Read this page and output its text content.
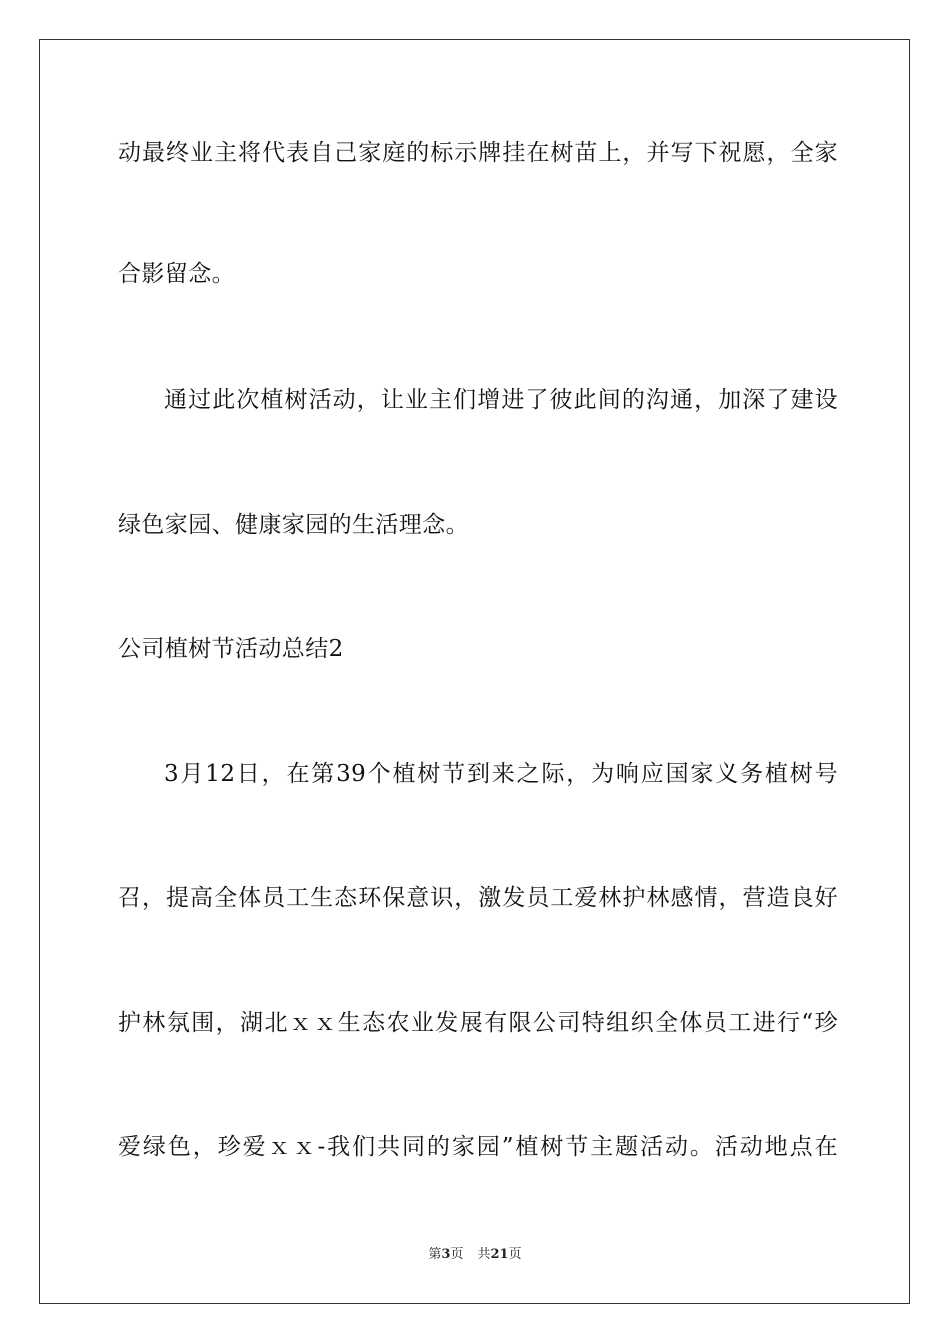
动最终业主将代表自己家庭的标示牌挂在树苗上，并写下祝愿，全家
合影留念。
通过此次植树活动，让业主们增进了彼此间的沟通，加深了建设
绿色家园、健康家园的生活理念。
公司植树节活动总结2
3月12日，在第39个植树节到来之际，为响应国家义务植树号
召，提高全体员工生态环保意识，激发员工爱林护林感情，营造良好
护林氛围，湖北ｘｘ生态农业发展有限公司特组织全体员工进行“珍
爱绿色，珍爱ｘｘ-我们共同的家园”植树节主题活动。活动地点在
第3页 共21页
